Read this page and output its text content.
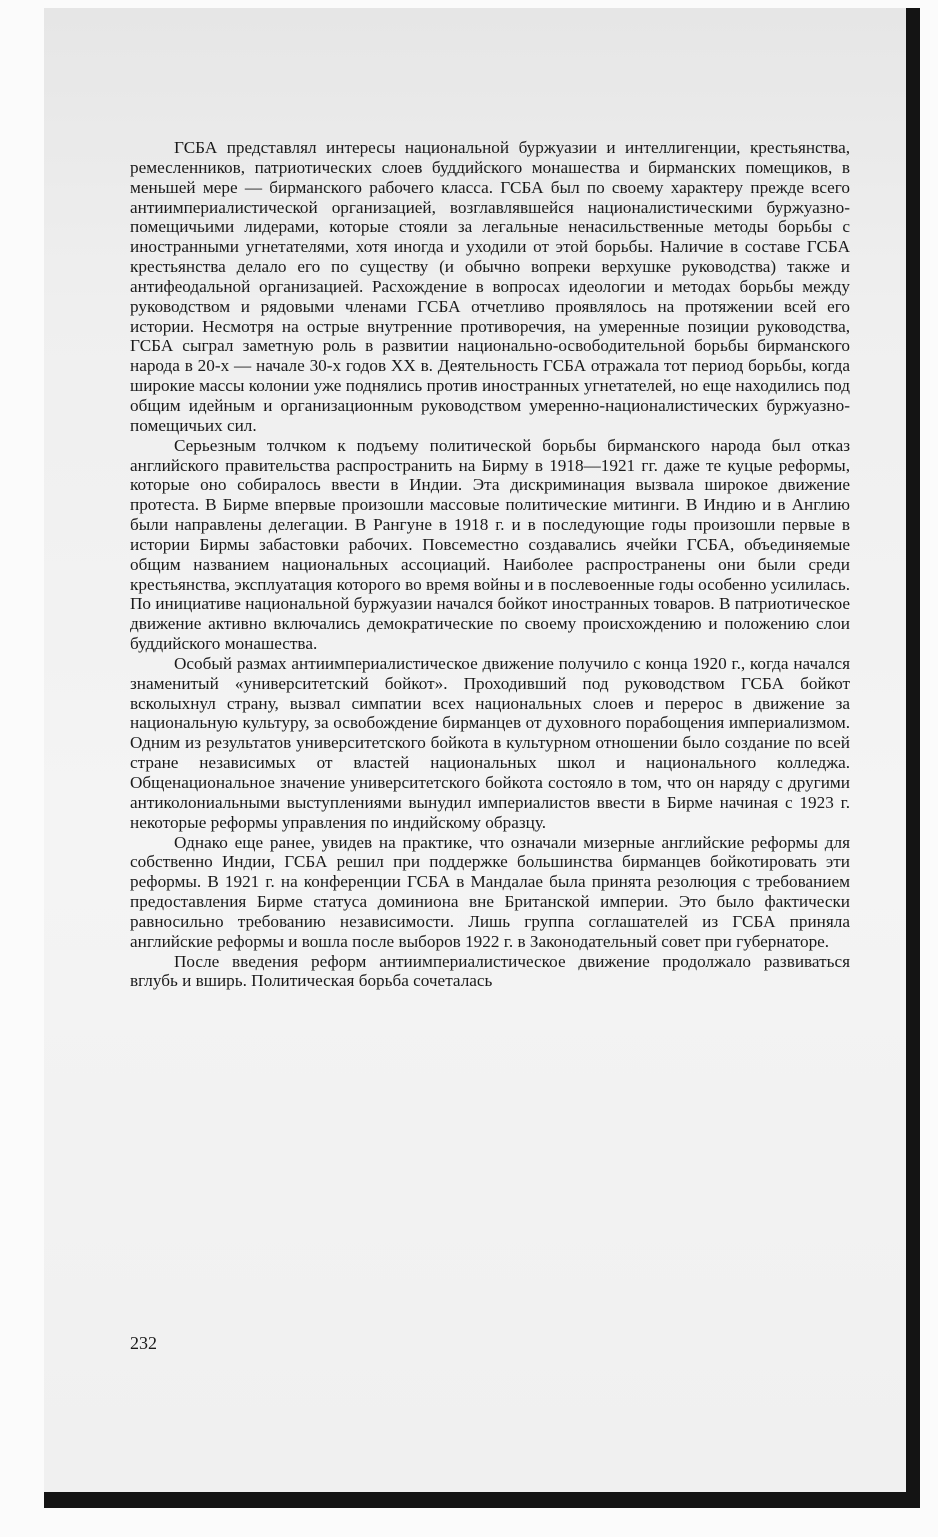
ГСБА представлял интересы национальной буржуазии и интеллигенции, крестьянства, ремесленников, патриотических слоев буддийского монашества и бирманских помещиков, в меньшей мере — бирманского рабочего класса. ГСБА был по своему характеру прежде всего антиимпериалистической организацией, возглавлявшейся националистическими буржуазно-помещичьими лидерами, которые стояли за легальные ненасильственные методы борьбы с иностранными угнетателями, хотя иногда и уходили от этой борьбы. Наличие в составе ГСБА крестьянства делало его по существу (и обычно вопреки верхушке руководства) также и антифеодальной организацией. Расхождение в вопросах идеологии и методах борьбы между руководством и рядовыми членами ГСБА отчетливо проявлялось на протяжении всей его истории. Несмотря на острые внутренние противоречия, на умеренные позиции руководства, ГСБА сыграл заметную роль в развитии национально-освободительной борьбы бирманского народа в 20-х — начале 30-х годов XX в. Деятельность ГСБА отражала тот период борьбы, когда широкие массы колонии уже поднялись против иностранных угнетателей, но еще находились под общим идейным и организационным руководством умеренно-националистических буржуазно-помещичьих сил.

Серьезным толчком к подъему политической борьбы бирманского народа был отказ английского правительства распространить на Бирму в 1918—1921 гг. даже те куцые реформы, которые оно собиралось ввести в Индии. Эта дискриминация вызвала широкое движение протеста. В Бирме впервые произошли массовые политические митинги. В Индию и в Англию были направлены делегации. В Рангуне в 1918 г. и в последующие годы произошли первые в истории Бирмы забастовки рабочих. Повсеместно создавались ячейки ГСБА, объединяемые общим названием национальных ассоциаций. Наиболее распространены они были среди крестьянства, эксплуатация которого во время войны и в послевоенные годы особенно усилилась. По инициативе национальной буржуазии начался бойкот иностранных товаров. В патриотическое движение активно включались демократические по своему происхождению и положению слои буддийского монашества.

Особый размах антиимпериалистическое движение получило с конца 1920 г., когда начался знаменитый «университетский бойкот». Проходивший под руководством ГСБА бойкот всколыхнул страну, вызвал симпатии всех национальных слоев и перерос в движение за национальную культуру, за освобождение бирманцев от духовного порабощения империализмом. Одним из результатов университетского бойкота в культурном отношении было создание по всей стране независимых от властей национальных школ и национального колледжа. Общенациональное значение университетского бойкота состояло в том, что он наряду с другими антиколониальными выступлениями вынудил империалистов ввести в Бирме начиная с 1923 г. некоторые реформы управления по индийскому образцу.

Однако еще ранее, увидев на практике, что означали мизерные английские реформы для собственно Индии, ГСБА решил при поддержке большинства бирманцев бойкотировать эти реформы. В 1921 г. на конференции ГСБА в Мандалае была принята резолюция с требованием предоставления Бирме статуса доминиона вне Британской империи. Это было фактически равносильно требованию независимости. Лишь группа соглашателей из ГСБА приняла английские реформы и вошла после выборов 1922 г. в Законодательный совет при губернаторе.

После введения реформ антиимпериалистическое движение продолжало развиваться вглубь и вширь. Политическая борьба сочеталась

232
